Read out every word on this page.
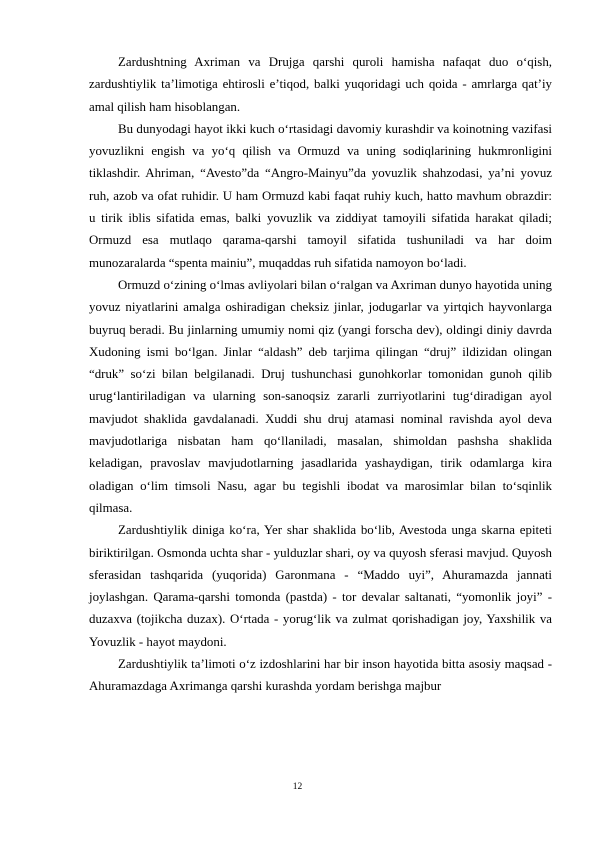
Zardushtning Axriman va Drujga qarshi quroli hamisha nafaqat duo o‘qish, zardushtiylik ta’limotiga ehtirosli e’tiqod, balki yuqoridagi uch qoida - amrlarga qat’iy amal qilish ham hisoblangan.

Bu dunyodagi hayot ikki kuch o‘rtasidagi davomiy kurashdir va koinotning vazifasi yovuzlikni engish va yo‘q qilish va Ormuzd va uning sodiqlarining hukmronligini tiklashdir. Ahriman, “Avesto”da “Angro-Mainyu”da yovuzlik shahzodasi, ya’ni yovuz ruh, azob va ofat ruhidir. U ham Ormuzd kabi faqat ruhiy kuch, hatto mavhum obrazdir: u tirik iblis sifatida emas, balki yovuzlik va ziddiyat tamoyili sifatida harakat qiladi; Ormuzd esa mutlaqo qarama-qarshi tamoyil sifatida tushuniladi va har doim munozaralarda “spenta mainiu”, muqaddas ruh sifatida namoyon bo‘ladi.

Ormuzd o‘zining o‘lmas avliyolari bilan o‘ralgan va Axriman dunyo hayotida uning yovuz niyatlarini amalga oshiradigan cheksiz jinlar, jodugarlar va yirtqich hayvonlarga buyruq beradi. Bu jinlarning umumiy nomi qiz (yangi forscha dev), oldingi diniy davrda Xudoning ismi bo‘lgan. Jinlar “aldash” deb tarjima qilingan “druj” ildizidan olingan “druk” so‘zi bilan belgilanadi. Druj tushunchasi gunohkorlar tomonidan gunoh qilib urug‘lantiriladigan va ularning son-sanoqsiz zararli zurriyotlarini tug‘diradigan ayol mavjudot shaklida gavdalanadi. Xuddi shu druj atamasi nominal ravishda ayol deva mavjudotlariga nisbatan ham qo‘llaniladi, masalan, shimoldan pashsha shaklida keladigan, pravoslav mavjudotlarning jasadlarida yashaydigan, tirik odamlarga kira oladigan o‘lim timsoli Nasu, agar bu tegishli ibodat va marosimlar bilan to‘sqinlik qilmasa.

Zardushtiylik diniga ko‘ra, Yer shar shaklida bo‘lib, Avestoda unga skarna epiteti biriktirilgan. Osmonda uchta shar - yulduzlar shari, oy va quyosh sferasi mavjud. Quyosh sferasidan tashqarida (yuqorida) Garonmana - “Maddo uyi”, Ahuramazda jannati joylashgan. Qarama-qarshi tomonda (pastda) - tor devalar saltanati, “yomonlik joyi” - duzaxva (tojikcha duzax). O‘rtada - yorug‘lik va zulmat qorishadigan joy, Yaxshilik va Yovuzlik - hayot maydoni.

Zardushtiylik ta’limoti o‘z izdoshlarini har bir inson hayotida bitta asosiy maqsad - Ahuramazdaga Axrimanga qarshi kurashda yordam berishga majbur

12
